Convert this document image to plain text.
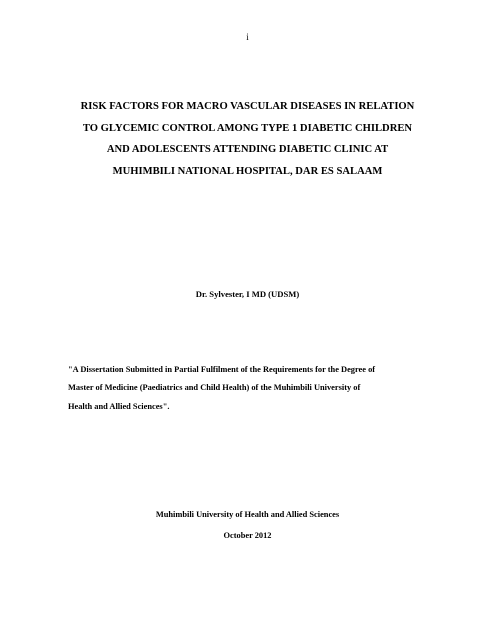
i
RISK FACTORS FOR MACRO VASCULAR DISEASES IN RELATION
TO GLYCEMIC CONTROL AMONG TYPE 1 DIABETIC CHILDREN
AND ADOLESCENTS ATTENDING DIABETIC CLINIC AT
MUHIMBILI NATIONAL HOSPITAL, DAR ES SALAAM
Dr. Sylvester, I MD (UDSM)
"A Dissertation Submitted in Partial Fulfilment of the Requirements for the Degree of
Master of Medicine (Paediatrics and Child Health) of the Muhimbili University of
Health and Allied Sciences".
Muhimbili University of Health and Allied Sciences
October 2012
